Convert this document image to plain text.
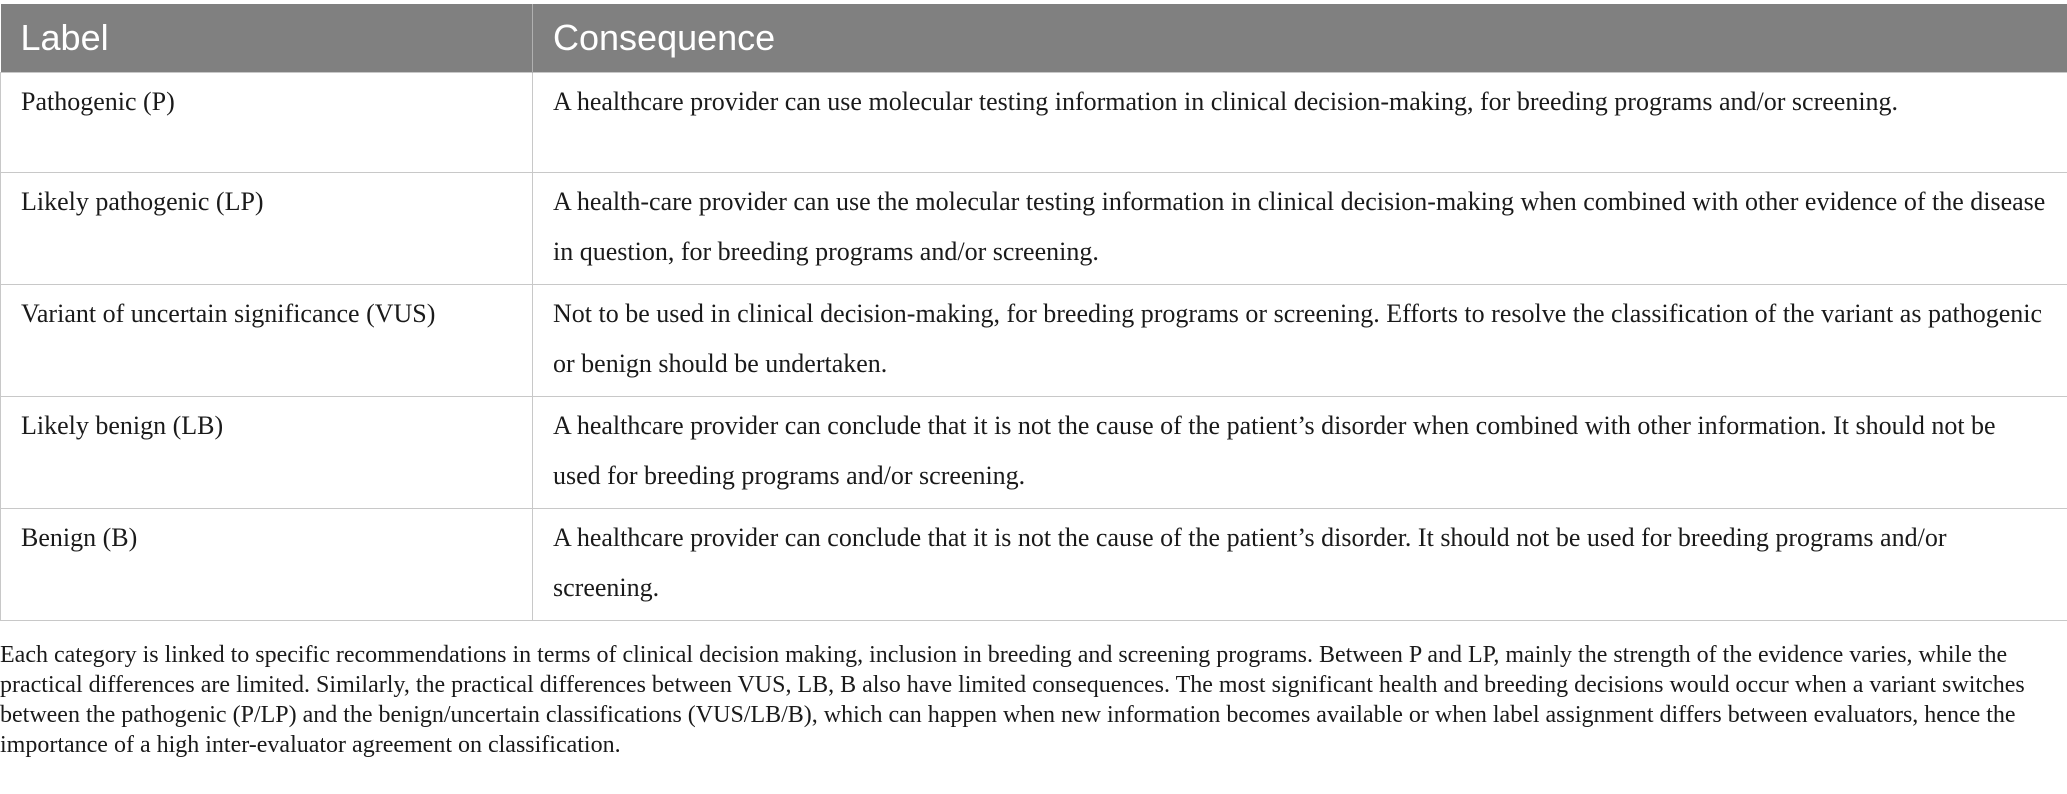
Label	Consequence
Pathogenic (P)	A healthcare provider can use molecular testing information in clinical decision-making, for breeding programs and/or screening.
Likely pathogenic (LP)	A health-care provider can use the molecular testing information in clinical decision-making when combined with other evidence of the disease in question, for breeding programs and/or screening.
Variant of uncertain significance (VUS)	Not to be used in clinical decision-making, for breeding programs or screening. Efforts to resolve the classification of the variant as pathogenic or benign should be undertaken.
Likely benign (LB)	A healthcare provider can conclude that it is not the cause of the patient’s disorder when combined with other information. It should not be used for breeding programs and/or screening.
Benign (B)	A healthcare provider can conclude that it is not the cause of the patient’s disorder. It should not be used for breeding programs and/or screening.

Each category is linked to specific recommendations in terms of clinical decision making, inclusion in breeding and screening programs. Between P and LP, mainly the strength of the evidence varies, while the practical differences are limited. Similarly, the practical differences between VUS, LB, B also have limited consequences. The most significant health and breeding decisions would occur when a variant switches between the pathogenic (P/LP) and the benign/uncertain classifications (VUS/LB/B), which can happen when new information becomes available or when label assignment differs between evaluators, hence the importance of a high inter-evaluator agreement on classification.
